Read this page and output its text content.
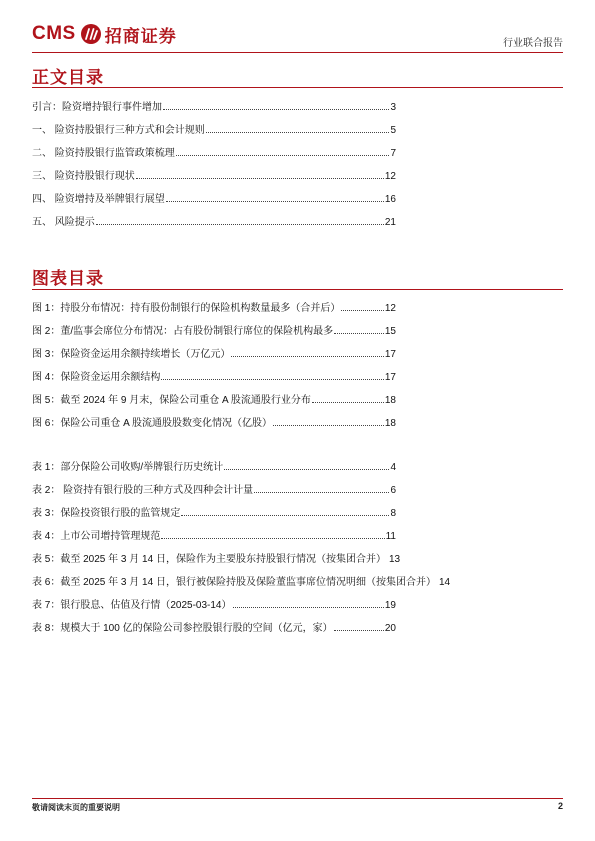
CMS 招商证券	行业联合报告
正文目录
引言：险资增持银行事件增加	3
一、 险资持股银行三种方式和会计规则	5
二、 险资持股银行监管政策梳理	7
三、 险资持股银行现状	12
四、 险资增持及举牌银行展望	16
五、 风险提示	21
图表目录
图 1：持股分布情况：持有股份制银行的保险机构数量最多（合并后）	12
图 2：董/监事会席位分布情况：占有股份制银行席位的保险机构最多	15
图 3：保险资金运用余额持续增长（万亿元）	17
图 4：保险资金运用余额结构	17
图 5：截至 2024 年 9 月末，保险公司重仓 A 股流通股行业分布	18
图 6：保险公司重仓 A 股流通股股数变化情况（亿股）	18
表 1：部分保险公司收购/举牌银行历史统计	4
表 2： 险资持有银行股的三种方式及四种会计计量	6
表 3：保险投资银行股的监管规定	8
表 4：上市公司增持管理规范	11
表 5：截至 2025 年 3 月 14 日，保险作为主要股东持股银行情况（按集团合并） 13
表 6：截至 2025 年 3 月 14 日，银行被保险持股及保险董监事席位情况明细（按集团合并） 14
表 7：银行股息、估值及行情（2025-03-14）	19
表 8：规模大于 100 亿的保险公司参控股银行股的空间（亿元，家）	20
敬请阅读末页的重要说明	2
